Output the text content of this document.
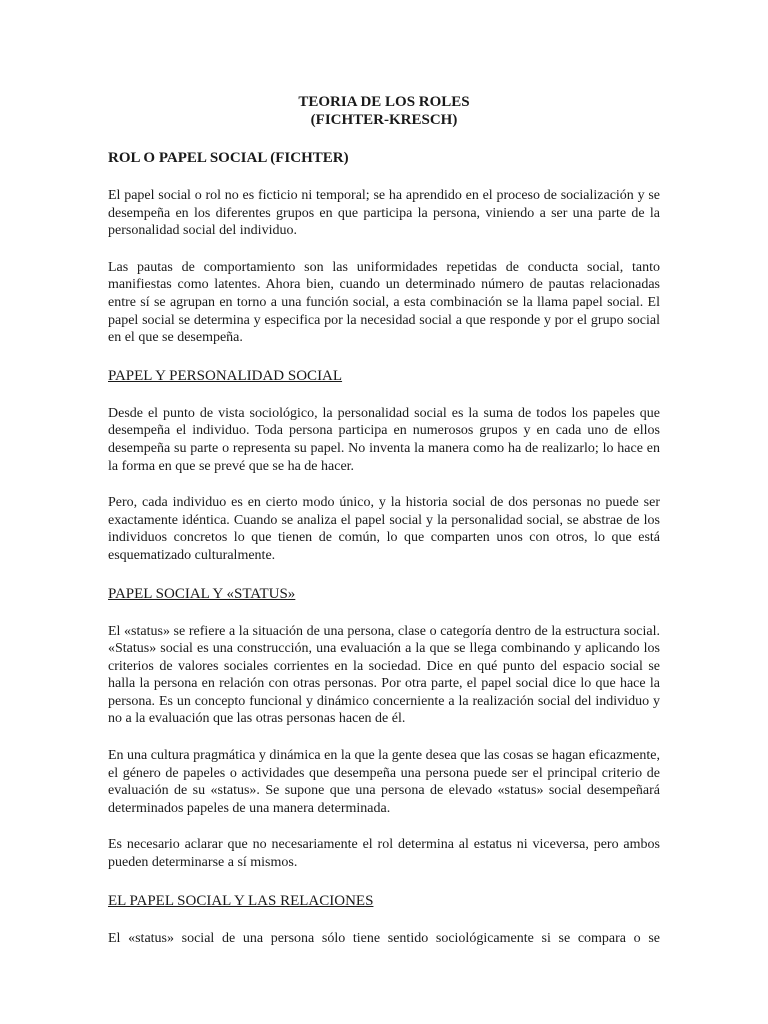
TEORIA DE LOS ROLES
(FICHTER-KRESCH)
ROL O PAPEL SOCIAL (FICHTER)

El papel social o rol no es ficticio ni temporal; se ha aprendido en el proceso de socialización y se desempeña en los diferentes grupos en que participa la persona, viniendo a ser una parte de la personalidad social del individuo.

Las pautas de comportamiento son las uniformidades repetidas de conducta social, tanto manifiestas como latentes. Ahora bien, cuando un determinado número de pautas relacionadas entre sí se agrupan en torno a una función social, a esta combinación se la llama papel social. El papel social se determina y especifica por la necesidad social a que responde y por el grupo social en el que se desempeña.

PAPEL Y PERSONALIDAD SOCIAL

Desde el punto de vista sociológico, la personalidad social es la suma de todos los papeles que desempeña el individuo. Toda persona participa en numerosos grupos y en cada uno de ellos desempeña su parte o representa su papel. No inventa la manera como ha de realizarlo; lo hace en la forma en que se prevé que se ha de hacer.

Pero, cada individuo es en cierto modo único, y la historia social de dos personas no puede ser exactamente idéntica. Cuando se analiza el papel social y la personalidad social, se abstrae de los individuos concretos lo que tienen de común, lo que comparten unos con otros, lo que está esquematizado culturalmente.

PAPEL SOCIAL Y «STATUS»

El «status» se refiere a la situación de una persona, clase o categoría dentro de la estructura social. «Status» social es una construcción, una evaluación a la que se llega combinando y aplicando los criterios de valores sociales corrientes en la sociedad. Dice en qué punto del espacio social se halla la persona en relación con otras personas. Por otra parte, el papel social dice lo que hace la persona. Es un concepto funcional y dinámico concerniente a la realización social del individuo y no a la evaluación que las otras personas hacen de él.

En una cultura pragmática y dinámica en la que la gente desea que las cosas se hagan eficazmente, el género de papeles o actividades que desempeña una persona puede ser el principal criterio de evaluación de su «status». Se supone que una persona de elevado «status» social desempeñará determinados papeles de una manera determinada.

Es necesario aclarar que no necesariamente el rol determina al estatus ni viceversa, pero ambos pueden determinarse a sí mismos.

EL PAPEL SOCIAL Y LAS RELACIONES

El «status» social de una persona sólo tiene sentido sociológicamente si se compara o se
